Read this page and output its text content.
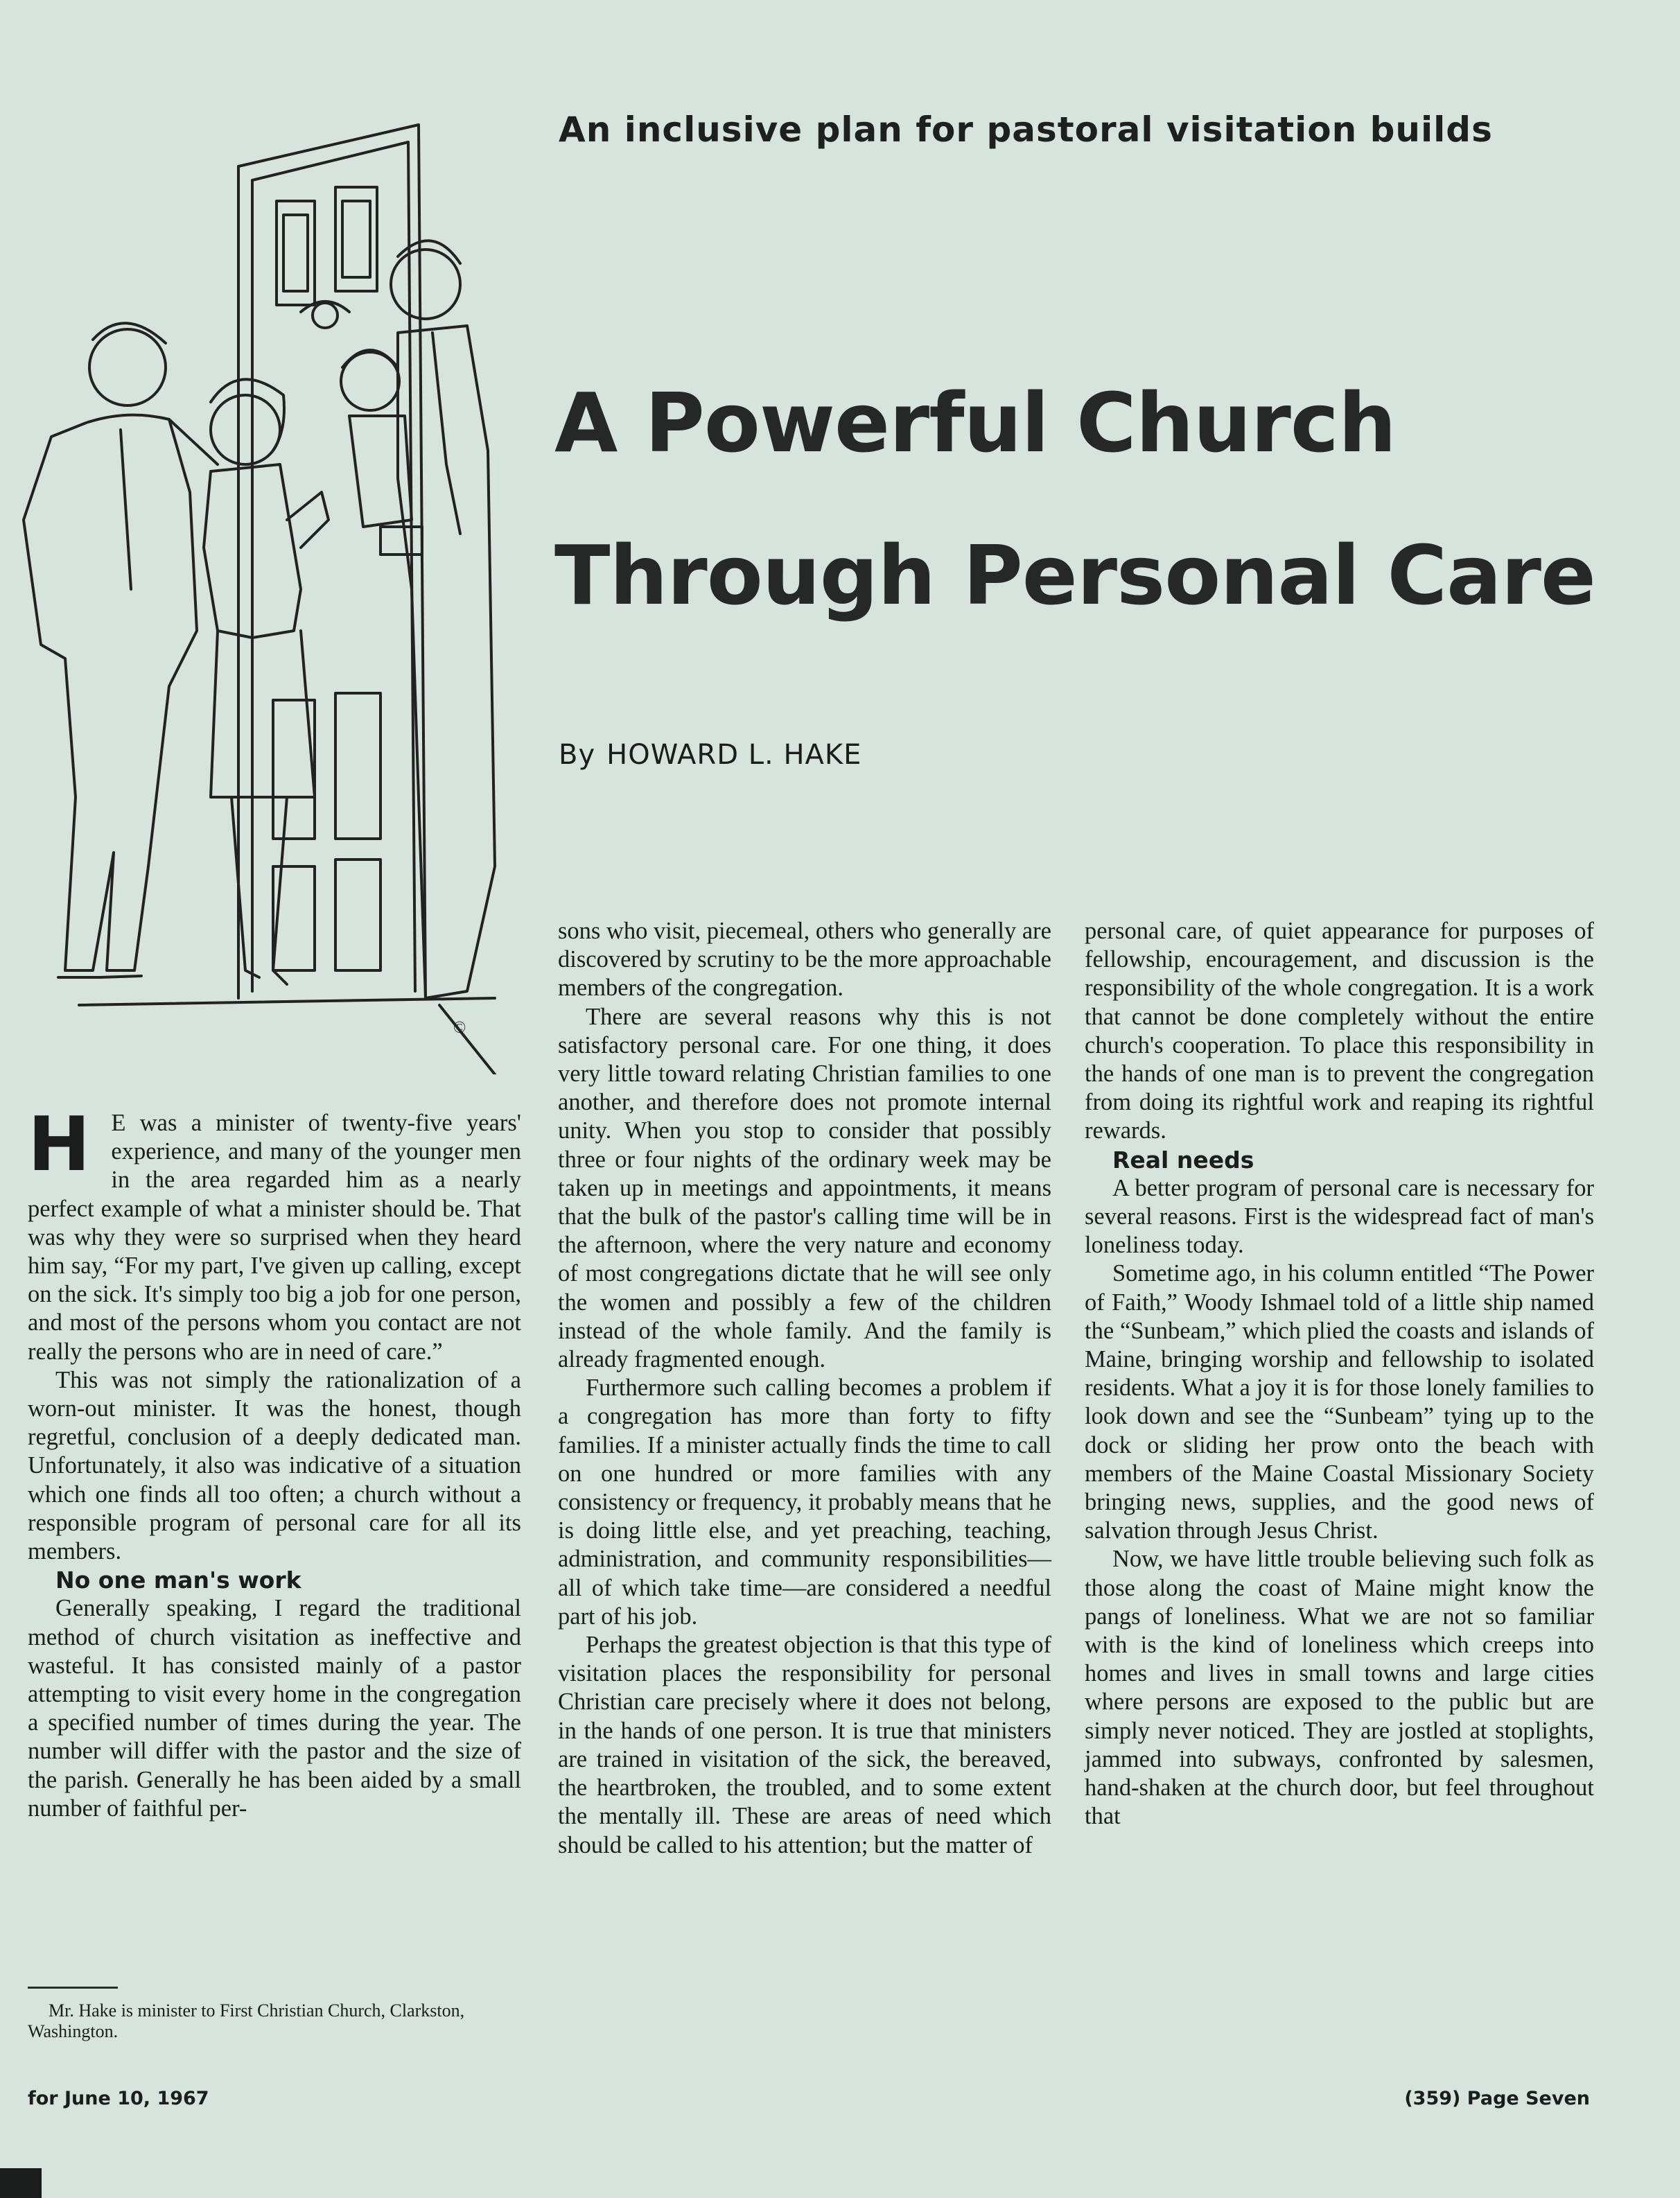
©
An inclusive plan for pastoral visitation builds
A Powerful Church
Through Personal Care
By HOWARD L. HAKE

H E was a minister of twenty-five years' experience, and many of the younger men in the area regarded him as a nearly perfect example of what a minister should be. That was why they were so surprised when they heard him say, “For my part, I've given up calling, except on the sick. It's simply too big a job for one person, and most of the persons whom you contact are not really the persons who are in need of care.”

This was not simply the rationalization of a worn-out minister. It was the honest, though regretful, conclusion of a deeply dedicated man. Unfortunately, it also was indicative of a situation which one finds all too often; a church without a responsible program of personal care for all its members.

No one man's work

Generally speaking, I regard the traditional method of church visitation as ineffective and wasteful. It has consisted mainly of a pastor attempting to visit every home in the congregation a specified number of times during the year. The number will differ with the pastor and the size of the parish. Generally he has been aided by a small number of faithful per-

sons who visit, piecemeal, others who generally are discovered by scrutiny to be the more approachable members of the congregation.

There are several reasons why this is not satisfactory personal care. For one thing, it does very little toward relating Christian families to one another, and therefore does not promote internal unity. When you stop to consider that possibly three or four nights of the ordinary week may be taken up in meetings and appointments, it means that the bulk of the pastor's calling time will be in the afternoon, where the very nature and economy of most congregations dictate that he will see only the women and possibly a few of the children instead of the whole family. And the family is already fragmented enough.

Furthermore such calling becomes a problem if a congregation has more than forty to fifty families. If a minister actually finds the time to call on one hundred or more families with any consistency or frequency, it probably means that he is doing little else, and yet preaching, teaching, administration, and community responsibilities—all of which take time—are considered a needful part of his job.

Perhaps the greatest objection is that this type of visitation places the responsibility for personal Christian care precisely where it does not belong, in the hands of one person. It is true that ministers are trained in visitation of the sick, the bereaved, the heartbroken, the troubled, and to some extent the mentally ill. These are areas of need which should be called to his attention; but the matter of

personal care, of quiet appearance for purposes of fellowship, encouragement, and discussion is the responsibility of the whole congregation. It is a work that cannot be done completely without the entire church's cooperation. To place this responsibility in the hands of one man is to prevent the congregation from doing its rightful work and reaping its rightful rewards.

Real needs

A better program of personal care is necessary for several reasons. First is the widespread fact of man's loneliness today.

Sometime ago, in his column entitled “The Power of Faith,” Woody Ishmael told of a little ship named the “Sunbeam,” which plied the coasts and islands of Maine, bringing worship and fellowship to isolated residents. What a joy it is for those lonely families to look down and see the “Sunbeam” tying up to the dock or sliding her prow onto the beach with members of the Maine Coastal Missionary Society bringing news, supplies, and the good news of salvation through Jesus Christ.

Now, we have little trouble believing such folk as those along the coast of Maine might know the pangs of loneliness. What we are not so familiar with is the kind of loneliness which creeps into homes and lives in small towns and large cities where persons are exposed to the public but are simply never noticed. They are jostled at stoplights, jammed into subways, confronted by salesmen, hand-shaken at the church door, but feel throughout that

Mr. Hake is minister to First Christian Church, Clarkston, Washington.
for June 10, 1967	(359) Page Seven
